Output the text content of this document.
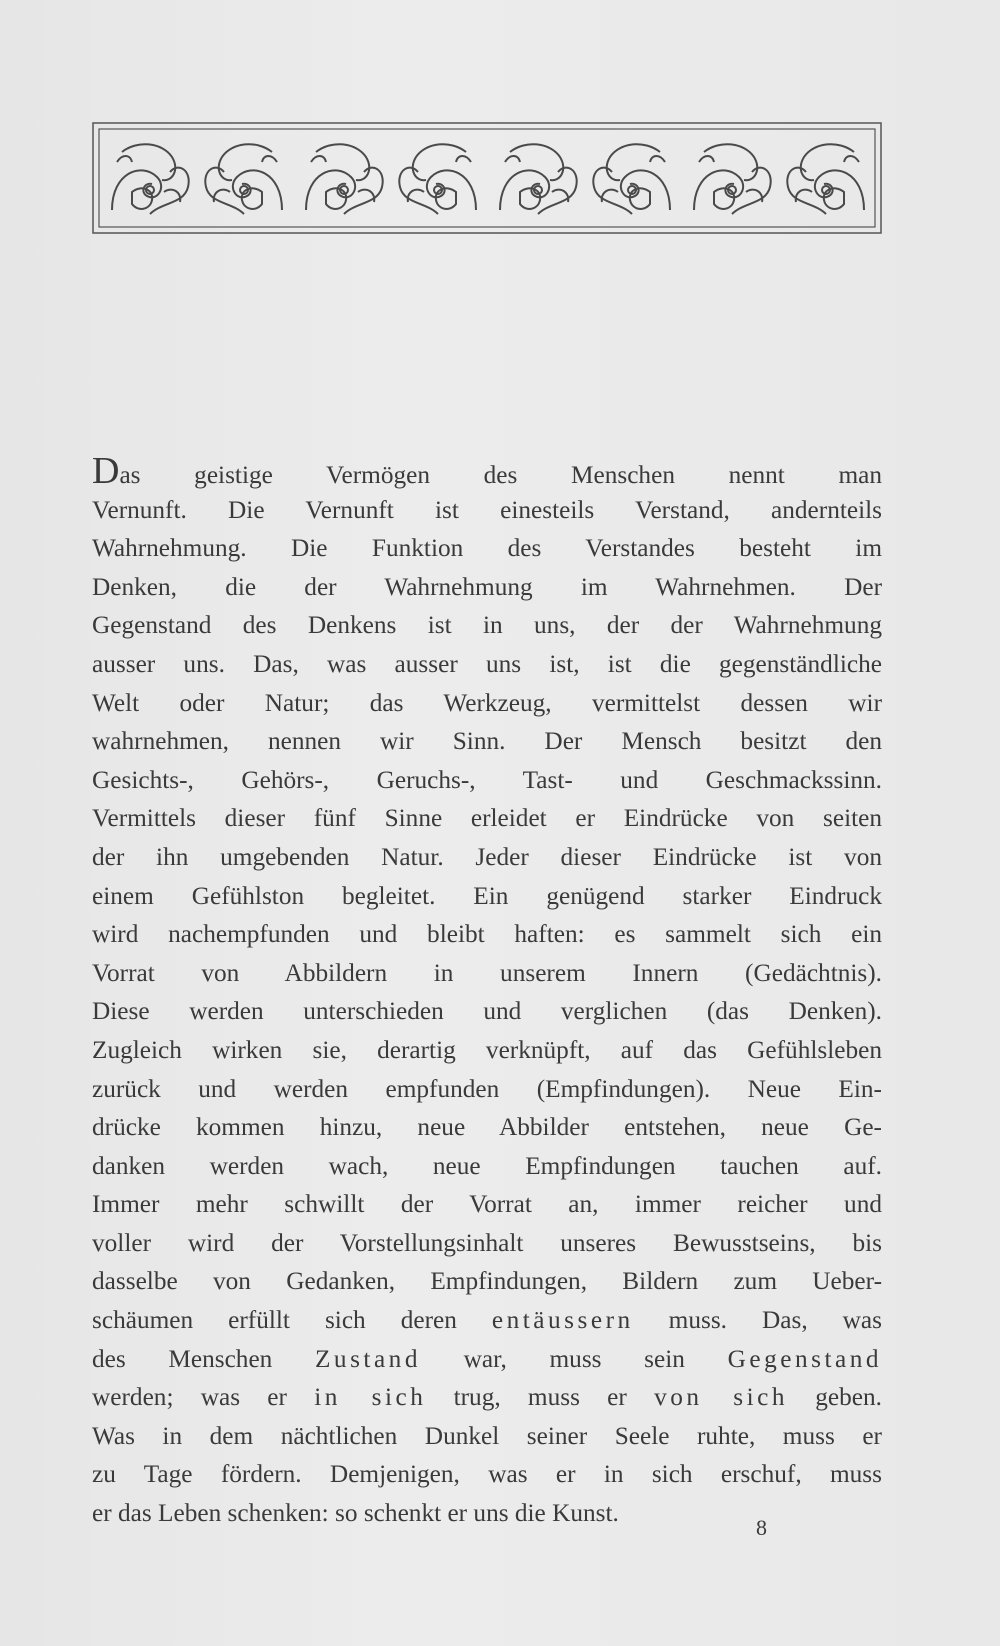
Das geistige Vermögen des Menschen nennt man
Vernunft. Die Vernunft ist einesteils Verstand, andernteils
Wahrnehmung. Die Funktion des Verstandes besteht im
Denken, die der Wahrnehmung im Wahrnehmen. Der
Gegenstand des Denkens ist in uns, der der Wahrnehmung
ausser uns. Das, was ausser uns ist, ist die gegenständliche
Welt oder Natur; das Werkzeug, vermittelst dessen wir
wahrnehmen, nennen wir Sinn. Der Mensch besitzt den
Gesichts-, Gehörs-, Geruchs-, Tast- und Geschmackssinn.
Vermittels dieser fünf Sinne erleidet er Eindrücke von seiten
der ihn umgebenden Natur. Jeder dieser Eindrücke ist von
einem Gefühlston begleitet. Ein genügend starker Eindruck
wird nachempfunden und bleibt haften: es sammelt sich ein
Vorrat von Abbildern in unserem Innern (Gedächtnis).
Diese werden unterschieden und verglichen (das Denken).
Zugleich wirken sie, derartig verknüpft, auf das Gefühlsleben
zurück und werden empfunden (Empfindungen). Neue Ein-
drücke kommen hinzu, neue Abbilder entstehen, neue Ge-
danken werden wach, neue Empfindungen tauchen auf.
Immer mehr schwillt der Vorrat an, immer reicher und
voller wird der Vorstellungsinhalt unseres Bewusstseins, bis
dasselbe von Gedanken, Empfindungen, Bildern zum Ueber-
schäumen erfüllt sich deren entäussern muss. Das, was
des Menschen Zustand war, muss sein Gegenstand
werden; was er in sich trug, muss er von sich geben.
Was in dem nächtlichen Dunkel seiner Seele ruhte, muss er
zu Tage fördern. Demjenigen, was er in sich erschuf, muss
er das Leben schenken: so schenkt er uns die Kunst.
8
